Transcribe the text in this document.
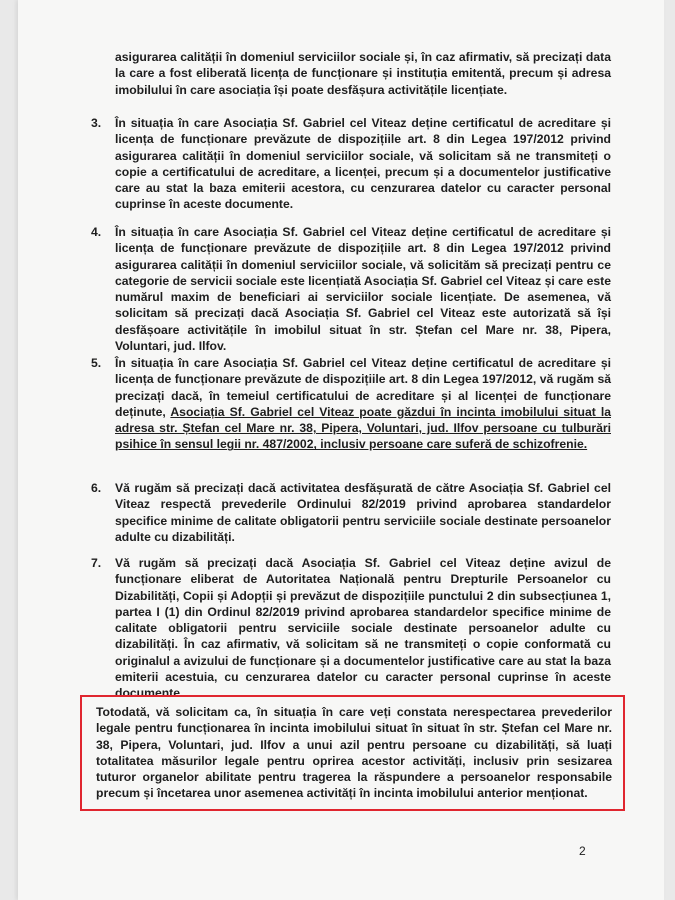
asigurarea calității în domeniul serviciilor sociale și, în caz afirmativ, să precizați data la care a fost eliberată licența de funcționare și instituția emitentă, precum și adresa imobilului în care asociația își poate desfășura activitățile licențiate.

3. În situația în care Asociația Sf. Gabriel cel Viteaz deține certificatul de acreditare și licența de funcționare prevăzute de dispozițiile art. 8 din Legea 197/2012 privind asigurarea calității în domeniul serviciilor sociale, vă solicitam să ne transmiteți o copie a certificatului de acreditare, a licenței, precum și a documentelor justificative care au stat la baza emiterii acestora, cu cenzurarea datelor cu caracter personal cuprinse în aceste documente.

4. În situația în care Asociația Sf. Gabriel cel Viteaz deține certificatul de acreditare și licența de funcționare prevăzute de dispozițiile art. 8 din Legea 197/2012 privind asigurarea calității în domeniul serviciilor sociale, vă solicităm să precizați pentru ce categorie de servicii sociale este licențiată Asociația Sf. Gabriel cel Viteaz și care este numărul maxim de beneficiari ai serviciilor sociale licențiate. De asemenea, vă solicitam să precizați dacă Asociația Sf. Gabriel cel Viteaz este autorizată să își desfășoare activitățile în imobilul situat în str. Ștefan cel Mare nr. 38, Pipera, Voluntari, jud. Ilfov.

5. În situația în care Asociația Sf. Gabriel cel Viteaz deține certificatul de acreditare și licența de funcționare prevăzute de dispozițiile art. 8 din Legea 197/2012, vă rugăm să precizați dacă, în temeiul certificatului de acreditare și al licenței de funcționare deținute, Asociația Sf. Gabriel cel Viteaz poate găzdui în incinta imobilului situat la adresa str. Ștefan cel Mare nr. 38, Pipera, Voluntari, jud. Ilfov persoane cu tulburări psihice în sensul legii nr. 487/2002, inclusiv persoane care suferă de schizofrenie.

6. Vă rugăm să precizați dacă activitatea desfășurată de către Asociația Sf. Gabriel cel Viteaz respectă prevederile Ordinului 82/2019 privind aprobarea standardelor specifice minime de calitate obligatorii pentru serviciile sociale destinate persoanelor adulte cu dizabilități.

7. Vă rugăm să precizați dacă Asociația Sf. Gabriel cel Viteaz deține avizul de funcționare eliberat de Autoritatea Națională pentru Drepturile Persoanelor cu Dizabilități, Copii și Adopții și prevăzut de dispozițiile punctului 2 din subsecțiunea 1, partea I (1) din Ordinul 82/2019 privind aprobarea standardelor specifice minime de calitate obligatorii pentru serviciile sociale destinate persoanelor adulte cu dizabilități. În caz afirmativ, vă solicitam să ne transmiteți o copie conformată cu originalul a avizului de funcționare și a documentelor justificative care au stat la baza emiterii acestuia, cu cenzurarea datelor cu caracter personal cuprinse în aceste documente

Totodată, vă solicitam ca, în situația în care veți constata nerespectarea prevederilor legale pentru funcționarea în incinta imobilului situat în situat în str. Ștefan cel Mare nr. 38, Pipera, Voluntari, jud. Ilfov a unui azil pentru persoane cu dizabilități, să luați totalitatea măsurilor legale pentru oprirea acestor activități, inclusiv prin sesizarea tuturor organelor abilitate pentru tragerea la răspundere a persoanelor responsabile precum și încetarea unor asemenea activități în incinta imobilului anterior menționat.

2
